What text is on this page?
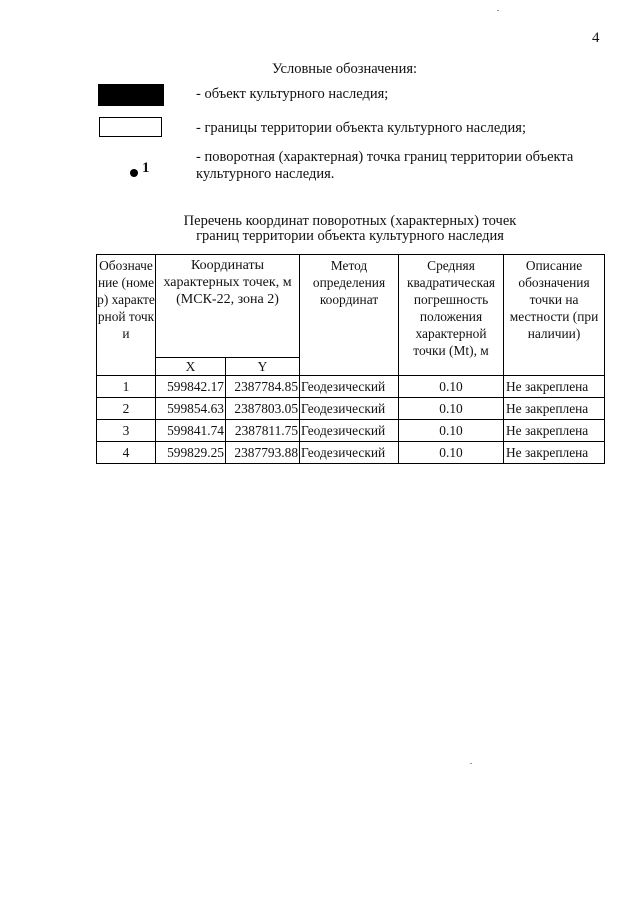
4
Условные обозначения:
1
- объект культурного наследия;
- границы территории объекта культурного наследия;
- поворотная (характерная) точка границ территории объекта культурного наследия.
Перечень координат поворотных (характерных) точек
границ территории объекта культурного наследия
Обозначение (номер) характерной точки	Координаты характерных точек, м (МСК-22, зона 2)		Метод определения координат	Средняя квадратическая погрешность положения характерной точки (Mt), м	Описание обозначения точки на местности (при наличии)
	X	Y			
1	599842.17	2387784.85	Геодезический	0.10	Не закреплена
2	599854.63	2387803.05	Геодезический	0.10	Не закреплена
3	599841.74	2387811.75	Геодезический	0.10	Не закреплена
4	599829.25	2387793.88	Геодезический	0.10	Не закреплена
